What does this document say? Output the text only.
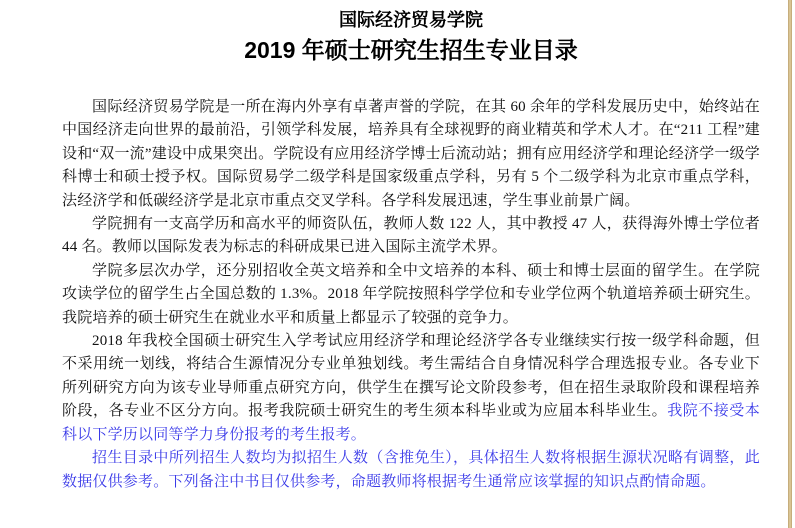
国际经济贸易学院
2019 年硕士研究生招生专业目录

国际经济贸易学院是一所在海内外享有卓著声誉的学院，在其 60 余年的学科发展历史中，始终站在中国经济走向世界的最前沿，引领学科发展，培养具有全球视野的商业精英和学术人才。在“211 工程”建设和“双一流”建设中成果突出。学院设有应用经济学博士后流动站；拥有应用经济学和理论经济学一级学科博士和硕士授予权。国际贸易学二级学科是国家级重点学科，另有 5 个二级学科为北京市重点学科，法经济学和低碳经济学是北京市重点交叉学科。各学科发展迅速，学生事业前景广阔。

学院拥有一支高学历和高水平的师资队伍，教师人数 122 人，其中教授 47 人，获得海外博士学位者 44 名。教师以国际发表为标志的科研成果已进入国际主流学术界。

学院多层次办学，还分别招收全英文培养和全中文培养的本科、硕士和博士层面的留学生。在学院攻读学位的留学生占全国总数的 1.3%。2018 年学院按照科学学位和专业学位两个轨道培养硕士研究生。我院培养的硕士研究生在就业水平和质量上都显示了较强的竞争力。

2018 年我校全国硕士研究生入学考试应用经济学和理论经济学各专业继续实行按一级学科命题，但不采用统一划线，将结合生源情况分专业单独划线。考生需结合自身情况科学合理选报专业。各专业下所列研究方向为该专业导师重点研究方向，供学生在撰写论文阶段参考，但在招生录取阶段和课程培养阶段，各专业不区分方向。报考我院硕士研究生的考生须本科毕业或为应届本科毕业生。我院不接受本科以下学历以同等学力身份报考的考生报考。

招生目录中所列招生人数均为拟招生人数（含推免生），具体招生人数将根据生源状况略有调整，此数据仅供参考。下列备注中书目仅供参考，命题教师将根据考生通常应该掌握的知识点酌情命题。
